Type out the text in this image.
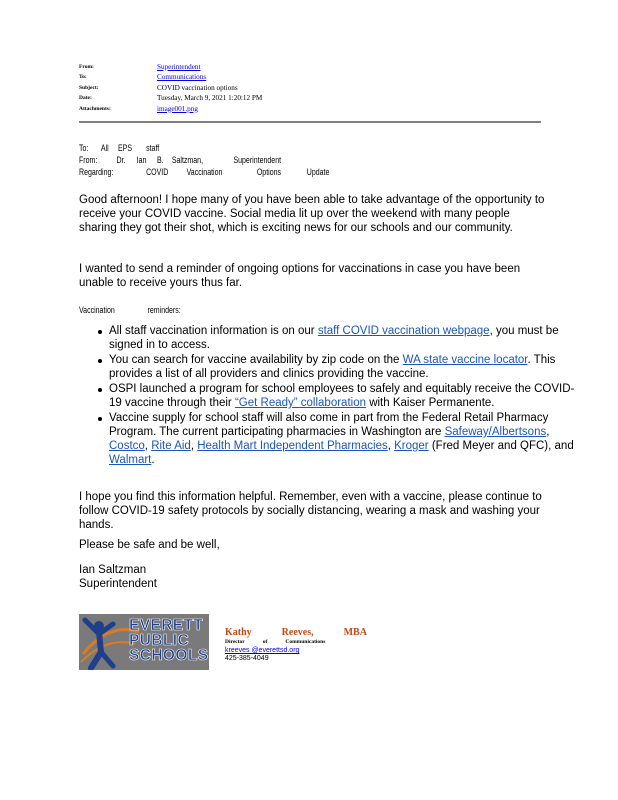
From:	Superintendent
To:	Communications
Subject:	COVID vaccination options
Date:	Tuesday, March 9, 2021 1:20:12 PM
Attachments:	image001.png
To: All EPS staff
From: Dr. Ian B. Saltzman,	Superintendent
Regarding:	COVID Vaccination	Options	Update

Good afternoon! I hope many of you have been able to take advantage of the opportunity to receive your COVID vaccine. Social media lit up over the weekend with many people sharing they got their shot, which is exciting news for our schools and our community.

I wanted to send a reminder of ongoing options for vaccinations in case you have been unable to receive yours thus far.

Vaccination	reminders:
All staff vaccination information is on our staff COVID vaccination webpage, you must be signed in to access.
You can search for vaccine availability by zip code on the WA state vaccine locator. This provides a list of all providers and clinics providing the vaccine.
OSPI launched a program for school employees to safely and equitably receive the COVID-19 vaccine through their “Get Ready” collaboration with Kaiser Permanente.
Vaccine supply for school staff will also come in part from the Federal Retail Pharmacy Program. The current participating pharmacies in Washington are Safeway/Albertsons, Costco, Rite Aid, Health Mart Independent Pharmacies, Kroger (Fred Meyer and QFC), and Walmart.

I hope you find this information helpful. Remember, even with a vaccine, please continue to follow COVID-19 safety protocols by socially distancing, wearing a mask and washing your hands.

Please be safe and be well,

Ian Saltzman

Superintendent

EVERETT
PUBLIC
SCHOOLS
Kathy	Reeves,	MBA
Director	of	Communications
kreeves @everettsd.org
425-385-4049
